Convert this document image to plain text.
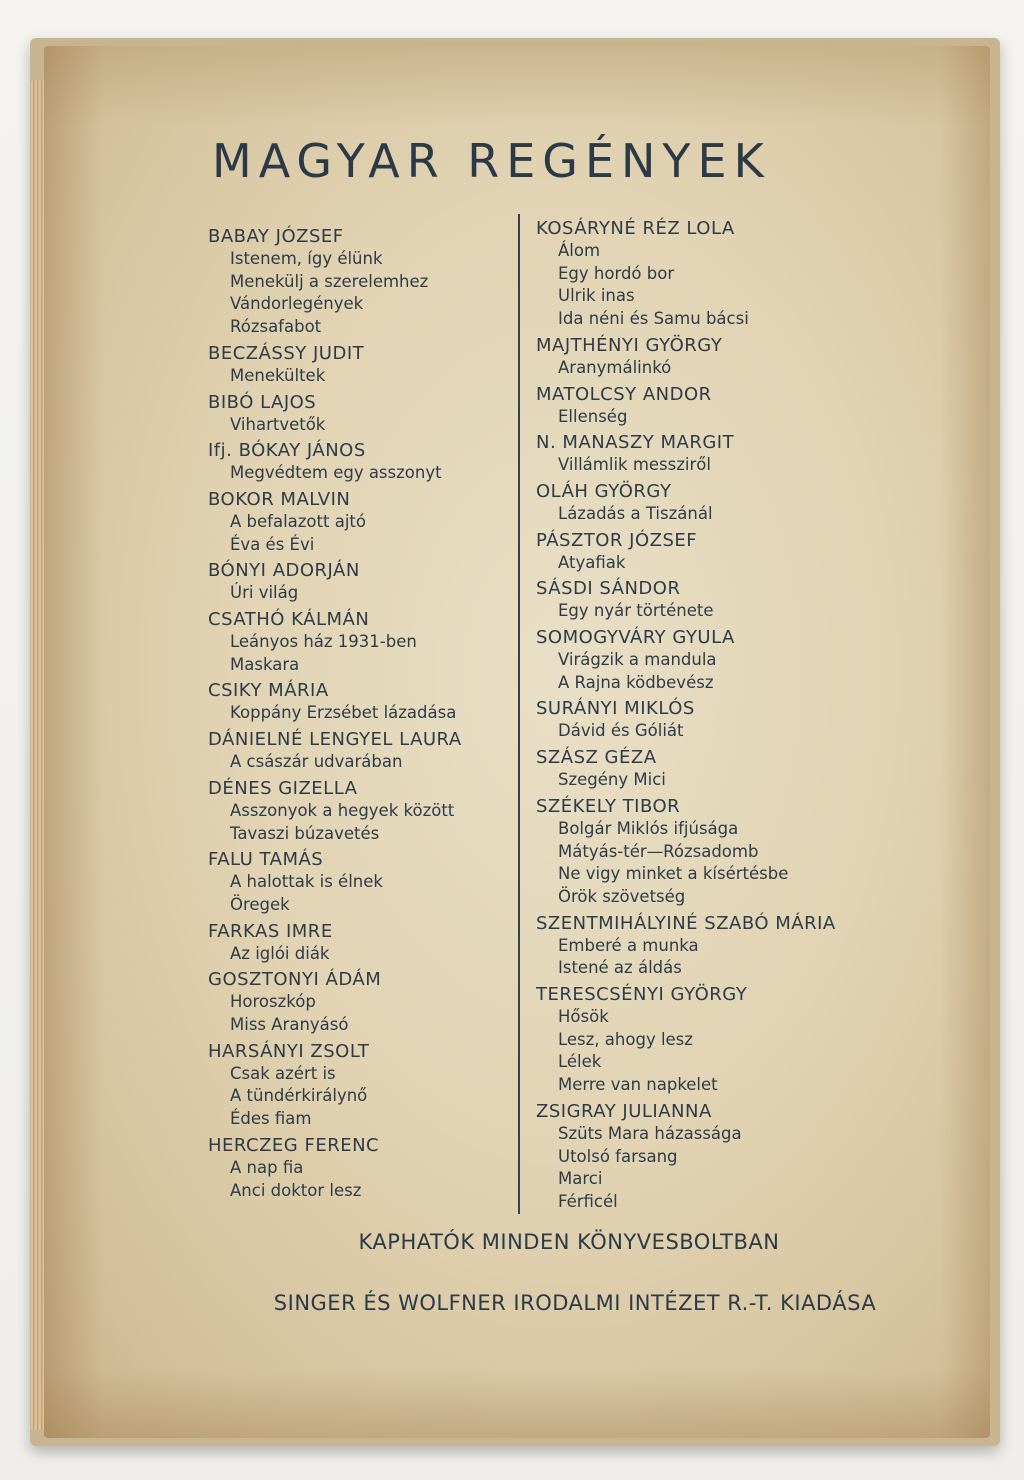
MAGYAR REGÉNYEK
BABAY JÓZSEF
Istenem, így élünk
Menekülj a szerelemhez
Vándorlegények
Rózsafabot
BECZÁSSY JUDIT
Menekültek
BIBÓ LAJOS
Vihartvetők
Ifj. BÓKAY JÁNOS
Megvédtem egy asszonyt
BOKOR MALVIN
A befalazott ajtó
Éva és Évi
BÓNYI ADORJÁN
Úri világ
CSATHÓ KÁLMÁN
Leányos ház 1931-ben
Maskara
CSIKY MÁRIA
Koppány Erzsébet lázadása
DÁNIELNÉ LENGYEL LAURA
A császár udvarában
DÉNES GIZELLA
Asszonyok a hegyek között
Tavaszi búzavetés
FALU TAMÁS
A halottak is élnek
Öregek
FARKAS IMRE
Az iglói diák
GOSZTONYI ÁDÁM
Horoszkóp
Miss Aranyásó
HARSÁNYI ZSOLT
Csak azért is
A tündérkirálynő
Édes fiam
HERCZEG FERENC
A nap fia
Anci doktor lesz
KOSÁRYNÉ RÉZ LOLA
Álom
Egy hordó bor
Ulrik inas
Ida néni és Samu bácsi
MAJTHÉNYI GYÖRGY
Aranymálinkó
MATOLCSY ANDOR
Ellenség
N. MANASZY MARGIT
Villámlik messziről
OLÁH GYÖRGY
Lázadás a Tiszánál
PÁSZTOR JÓZSEF
Atyafiak
SÁSDI SÁNDOR
Egy nyár története
SOMOGYVÁRY GYULA
Virágzik a mandula
A Rajna ködbevész
SURÁNYI MIKLÓS
Dávid és Góliát
SZÁSZ GÉZA
Szegény Mici
SZÉKELY TIBOR
Bolgár Miklós ifjúsága
Mátyás-tér—Rózsadomb
Ne vigy minket a kísértésbe
Örök szövetség
SZENTMIHÁLYINÉ SZABÓ MÁRIA
Emberé a munka
Istené az áldás
TERESCSÉNYI GYÖRGY
Hősök
Lesz, ahogy lesz
Lélek
Merre van napkelet
ZSIGRAY JULIANNA
Szüts Mara házassága
Utolsó farsang
Marci
Férficél
KAPHATÓK MINDEN KÖNYVESBOLTBAN
SINGER ÉS WOLFNER IRODALMI INTÉZET R.-T. KIADÁSA
